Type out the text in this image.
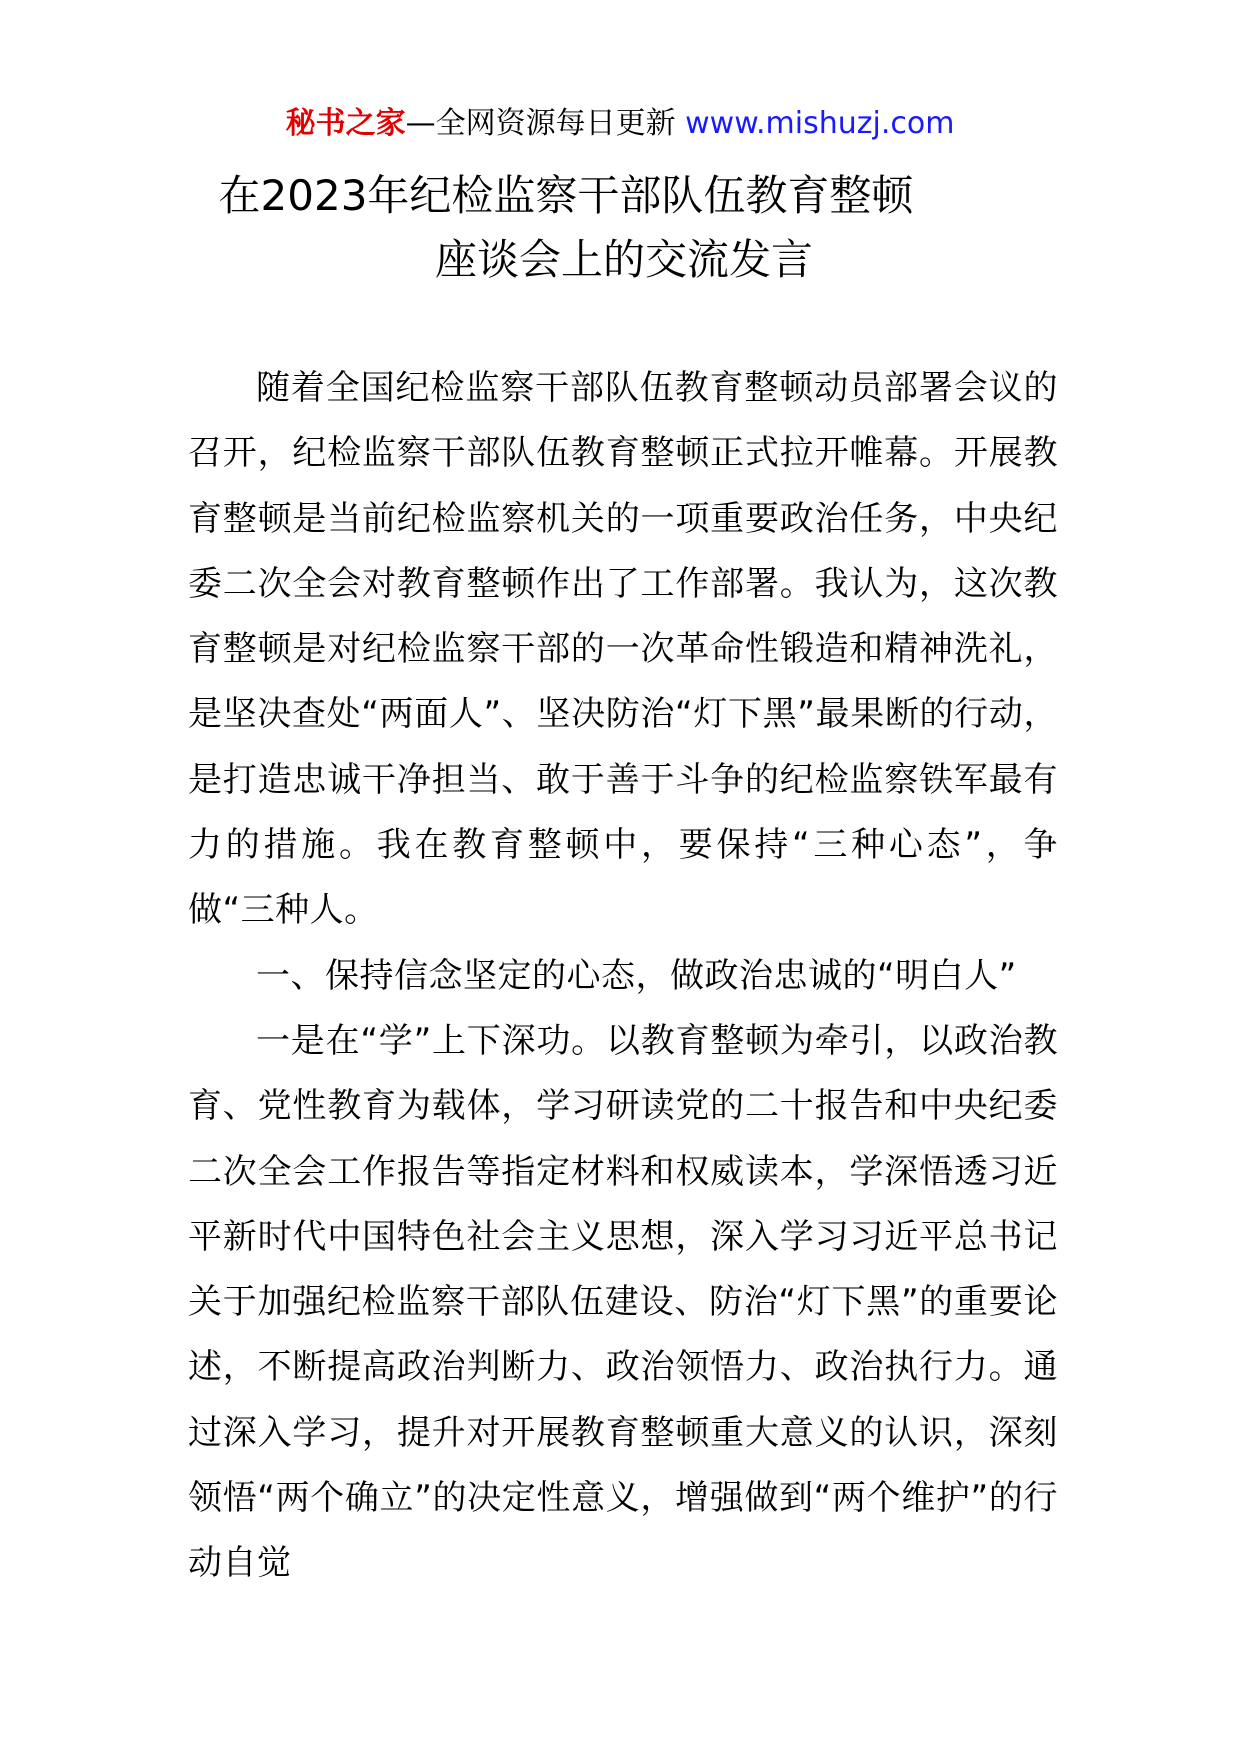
秘书之家—全网资源每日更新 www.mishuzj.com
在2023年纪检监察干部队伍教育整顿
座谈会上的交流发言

随着全国纪检监察干部队伍教育整顿动员部署会议的召开，纪检监察干部队伍教育整顿正式拉开帷幕。开展教育整顿是当前纪检监察机关的一项重要政治任务，中央纪委二次全会对教育整顿作出了工作部署。我认为，这次教育整顿是对纪检监察干部的一次革命性锻造和精神洗礼，是坚决查处“两面人”、坚决防治“灯下黑”最果断的行动，是打造忠诚干净担当、敢于善于斗争的纪检监察铁军最有力的措施。我在教育整顿中，要保持“三种心态”，争做“三种人。

一、保持信念坚定的心态，做政治忠诚的“明白人”

一是在“学”上下深功。以教育整顿为牵引，以政治教育、党性教育为载体，学习研读党的二十报告和中央纪委二次全会工作报告等指定材料和权威读本，学深悟透习近平新时代中国特色社会主义思想，深入学习习近平总书记关于加强纪检监察干部队伍建设、防治“灯下黑”的重要论述，不断提高政治判断力、政治领悟力、政治执行力。通过深入学习，提升对开展教育整顿重大意义的认识，深刻领悟“两个确立”的决定性意义，增强做到“两个维护”的行动自觉
